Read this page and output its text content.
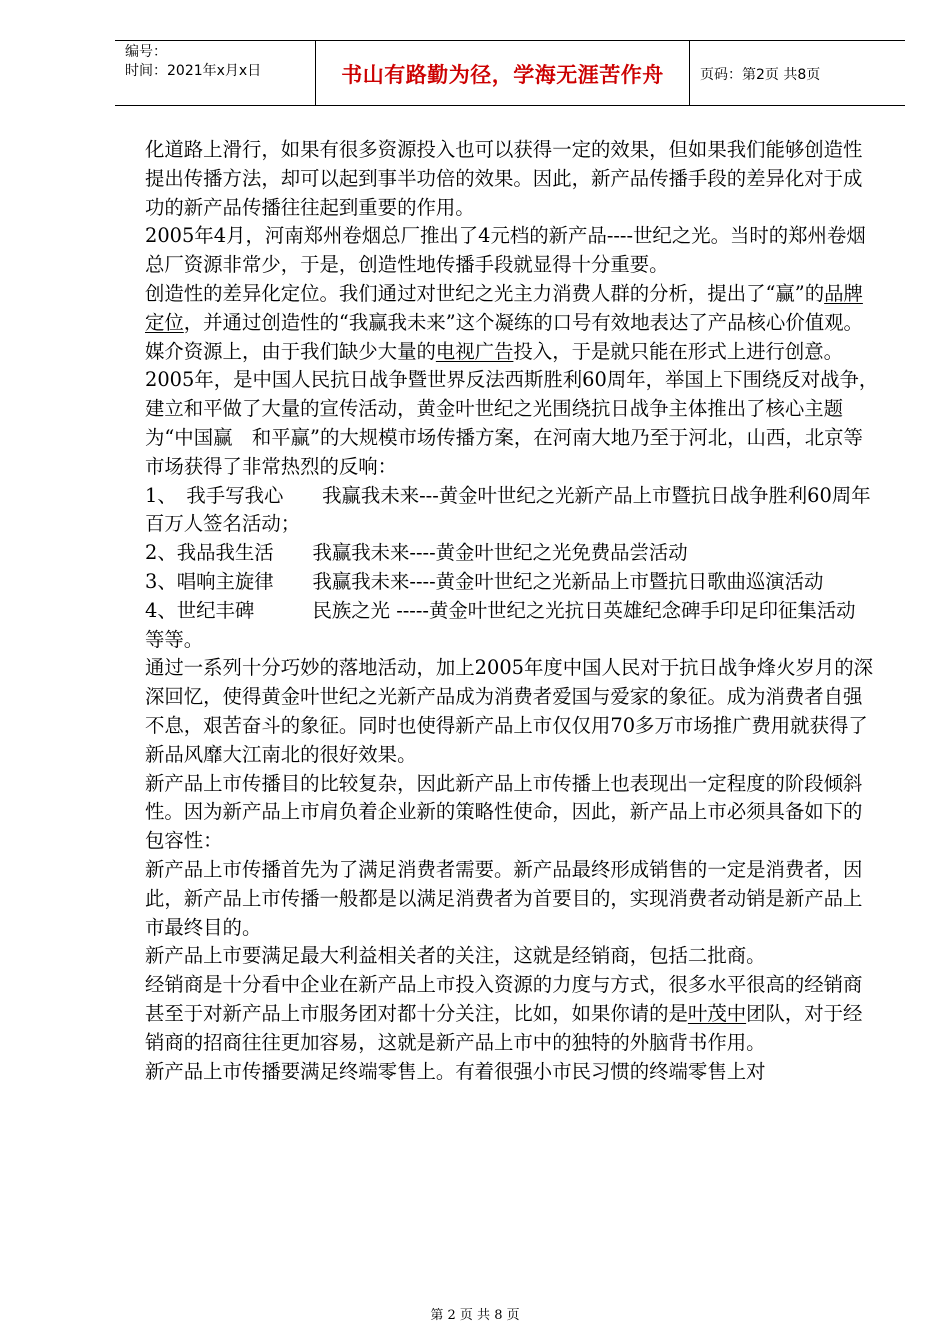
编号：
时间：2021年x月x日	书山有路勤为径，学海无涯苦作舟	页码：第2页 共8页

化道路上滑行，如果有很多资源投入也可以获得一定的效果，但如果我们能够创造性提出传播方法，却可以起到事半功倍的效果。因此，新产品传播手段的差异化对于成功的新产品传播往往起到重要的作用。

2005年4月，河南郑州卷烟总厂推出了4元档的新产品----世纪之光。当时的郑州卷烟总厂资源非常少，于是，创造性地传播手段就显得十分重要。

创造性的差异化定位。我们通过对世纪之光主力消费人群的分析，提出了“赢”的品牌定位，并通过创造性的“我赢我未来”这个凝练的口号有效地表达了产品核心价值观。

媒介资源上，由于我们缺少大量的电视广告投入，于是就只能在形式上进行创意。

2005年，是中国人民抗日战争暨世界反法西斯胜利60周年，举国上下围绕反对战争，建立和平做了大量的宣传活动，黄金叶世纪之光围绕抗日战争主体推出了核心主题为“中国赢　和平赢”的大规模市场传播方案，在河南大地乃至于河北，山西，北京等市场获得了非常热烈的反响：

1、　我手写我心　　我赢我未来---黄金叶世纪之光新产品上市暨抗日战争胜利60周年百万人签名活动；

2、我品我生活　　我赢我未来----黄金叶世纪之光免费品尝活动

3、唱响主旋律　　我赢我未来----黄金叶世纪之光新品上市暨抗日歌曲巡演活动

4、世纪丰碑　　　民族之光 -----黄金叶世纪之光抗日英雄纪念碑手印足印征集活动

等等。

通过一系列十分巧妙的落地活动，加上2005年度中国人民对于抗日战争烽火岁月的深深回忆，使得黄金叶世纪之光新产品成为消费者爱国与爱家的象征。成为消费者自强不息，艰苦奋斗的象征。同时也使得新产品上市仅仅用70多万市场推广费用就获得了新品风靡大江南北的很好效果。

新产品上市传播目的比较复杂，因此新产品上市传播上也表现出一定程度的阶段倾斜性。因为新产品上市肩负着企业新的策略性使命，因此，新产品上市必须具备如下的包容性：

新产品上市传播首先为了满足消费者需要。新产品最终形成销售的一定是消费者，因此，新产品上市传播一般都是以满足消费者为首要目的，实现消费者动销是新产品上市最终目的。

新产品上市要满足最大利益相关者的关注，这就是经销商，包括二批商。

经销商是十分看中企业在新产品上市投入资源的力度与方式，很多水平很高的经销商甚至于对新产品上市服务团对都十分关注，比如，如果你请的是叶茂中团队，对于经销商的招商往往更加容易，这就是新产品上市中的独特的外脑背书作用。

新产品上市传播要满足终端零售上。有着很强小市民习惯的终端零售上对

第 2 页 共 8 页
